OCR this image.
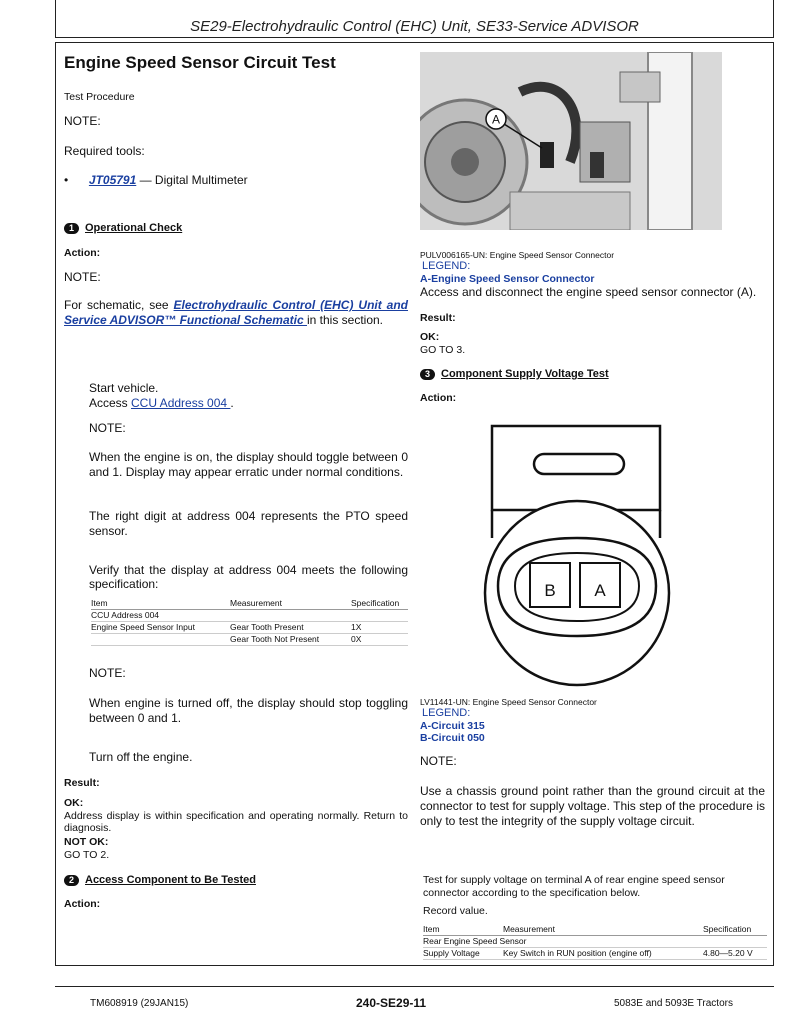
SE29-Electrohydraulic Control (EHC) Unit, SE33-Service ADVISOR
Engine Speed Sensor Circuit Test
Test Procedure
NOTE:
Required tools:
• JT05791 — Digital Multimeter
1	Operational Check
Action:
NOTE:
For schematic, see Electrohydraulic Control (EHC) Unit and Service ADVISOR™ Functional Schematic in this section.
Start vehicle.
Access CCU Address 004 .
NOTE:
When the engine is on, the display should toggle between 0 and 1. Display may appear erratic under normal conditions.
The right digit at address 004 represents the PTO speed sensor.
Verify that the display at address 004 meets the following specification:
Item	Measurement	Specification
CCU Address 004		
Engine Speed Sensor Input	Gear Tooth Present	1X
	Gear Tooth Not Present	0X
NOTE:
When engine is turned off, the display should stop toggling between 0 and 1.
Turn off the engine.
Result:
OK:
Address display is within specification and operating normally. Return to diagnosis.
NOT OK:
GO TO 2.
2	Access Component to Be Tested
Action:
A
PULV006165-UN: Engine Speed Sensor Connector
LEGEND:
A-Engine Speed Sensor Connector
Access and disconnect the engine speed sensor connector (A).
Result:
OK:
GO TO 3.
3	Component Supply Voltage Test
Action:
B A
LV11441-UN: Engine Speed Sensor Connector
LEGEND:
A-Circuit 315
B-Circuit 050
NOTE:
Use a chassis ground point rather than the ground circuit at the connector to test for supply voltage. This step of the procedure is only to test the integrity of the supply voltage circuit.
Test for supply voltage on terminal A of rear engine speed sensor connector according to the specification below.
Record value.
Item	Measurement	Specification
Rear Engine Speed Sensor		
Supply Voltage	Key Switch in RUN position (engine off)	4.80—5.20 V
TM608919 (29JAN15)	240-SE29-11	5083E and 5093E Tractors
